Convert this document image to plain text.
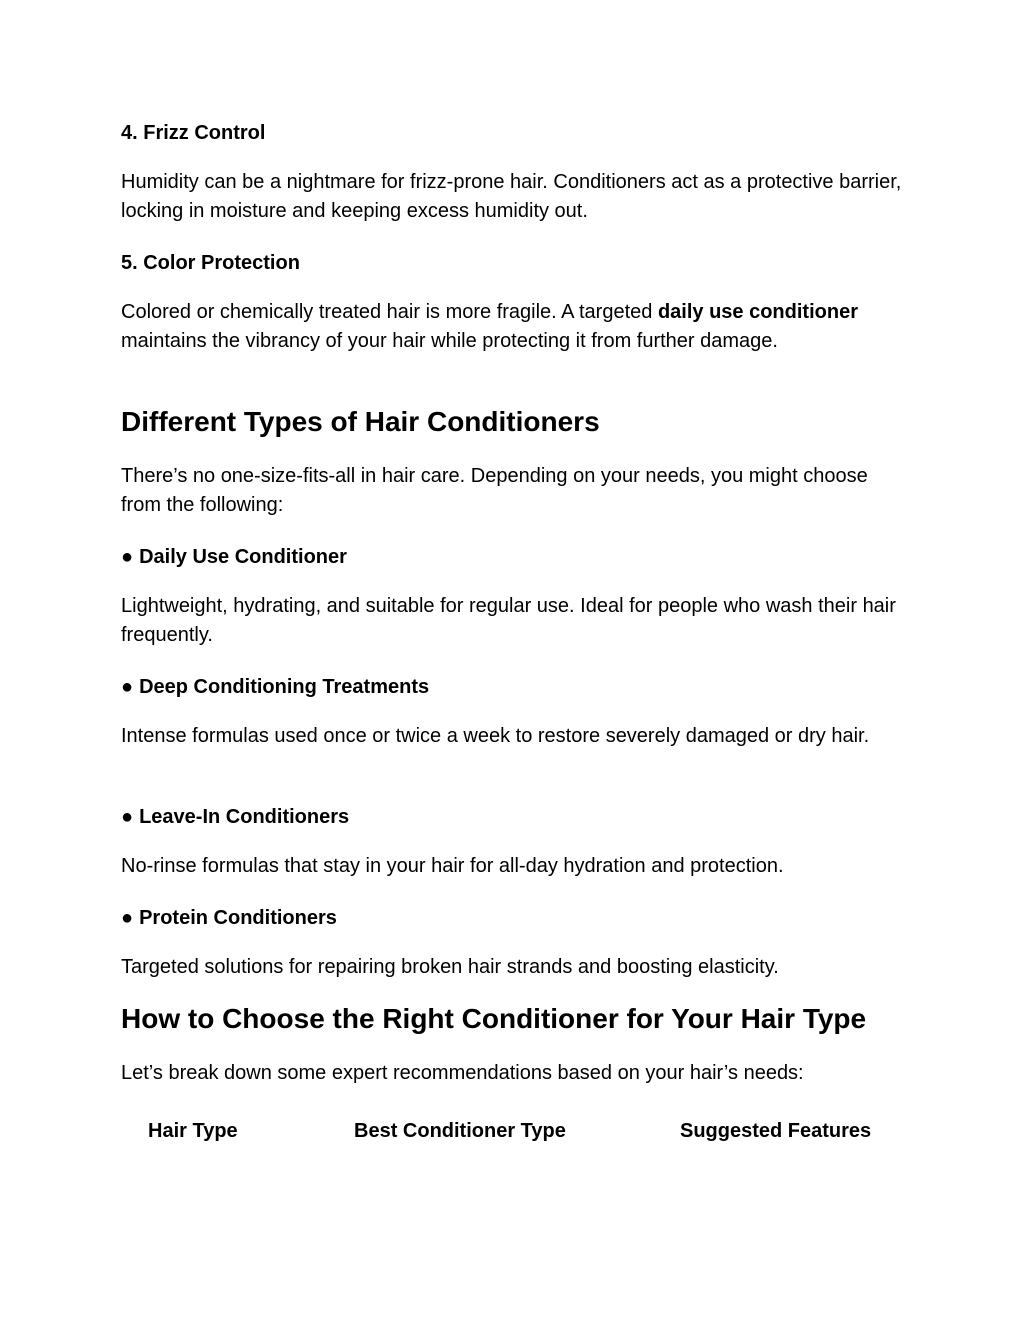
4. Frizz Control
Humidity can be a nightmare for frizz-prone hair. Conditioners act as a protective barrier, locking in moisture and keeping excess humidity out.
5. Color Protection
Colored or chemically treated hair is more fragile. A targeted daily use conditioner maintains the vibrancy of your hair while protecting it from further damage.
Different Types of Hair Conditioners
There’s no one-size-fits-all in hair care. Depending on your needs, you might choose from the following:
● Daily Use Conditioner
Lightweight, hydrating, and suitable for regular use. Ideal for people who wash their hair frequently.
● Deep Conditioning Treatments
Intense formulas used once or twice a week to restore severely damaged or dry hair.
● Leave-In Conditioners
No-rinse formulas that stay in your hair for all-day hydration and protection.
● Protein Conditioners
Targeted solutions for repairing broken hair strands and boosting elasticity.
How to Choose the Right Conditioner for Your Hair Type
Let’s break down some expert recommendations based on your hair’s needs:
Hair Type	Best Conditioner Type	Suggested Features
